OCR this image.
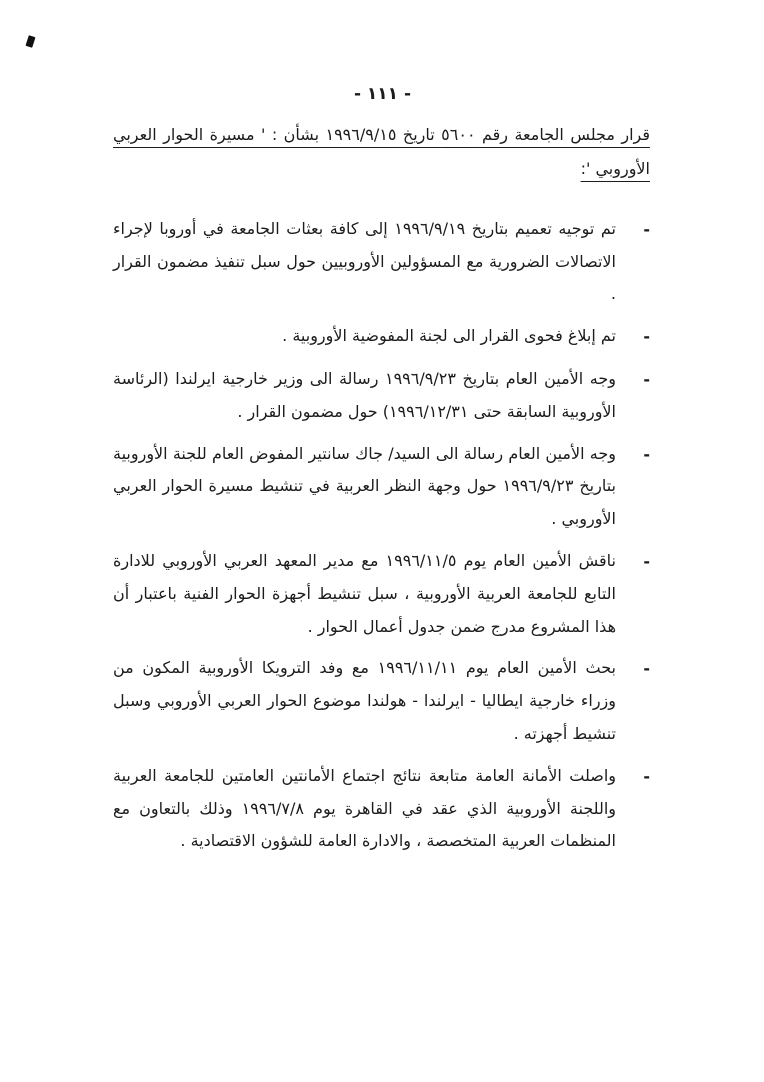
- ١١١ -
قرار مجلس الجامعة رقم ٥٦٠٠ تاريخ ١٩٩٦/٩/١٥ بشأن : ' مسيرة الحوار العربي الأوروبي ':
-
تم توجيه تعميم بتاريخ ١٩٩٦/٩/١٩ إلى كافة بعثات الجامعة في أوروبا لإجراء الاتصالات الضرورية مع المسؤولين الأوروبيين حول سبل تنفيذ مضمون القرار .
-
تم إبلاغ فحوى القرار الى لجنة المفوضية الأوروبية .
-
وجه الأمين العام بتاريخ ١٩٩٦/٩/٢٣ رسالة الى وزير خارجية ايرلندا (الرئاسة الأوروبية السابقة حتى ١٩٩٦/١٢/٣١) حول مضمون القرار .
-
وجه الأمين العام رسالة الى السيد/ جاك سانتير المفوض العام للجنة الأوروبية بتاريخ ١٩٩٦/٩/٢٣ حول وجهة النظر العربية في تنشيط مسيرة الحوار العربي الأوروبي .
-
ناقش الأمين العام يوم ١٩٩٦/١١/٥ مع مدير المعهد العربي الأوروبي للادارة التابع للجامعة العربية الأوروبية ، سبل تنشيط أجهزة الحوار الفنية باعتبار أن هذا المشروع مدرج ضمن جدول أعمال الحوار .
-
بحث الأمين العام يوم ١٩٩٦/١١/١١ مع وفد الترويكا الأوروبية المكون من وزراء خارجية ايطاليا - ايرلندا - هولندا موضوع الحوار العربي الأوروبي وسبل تنشيط أجهزته .
-
واصلت الأمانة العامة متابعة نتائج اجتماع الأمانتين العامتين للجامعة العربية واللجنة الأوروبية الذي عقد في القاهرة يوم ١٩٩٦/٧/٨ وذلك بالتعاون مع المنظمات العربية المتخصصة ، والادارة العامة للشؤون الاقتصادية .
